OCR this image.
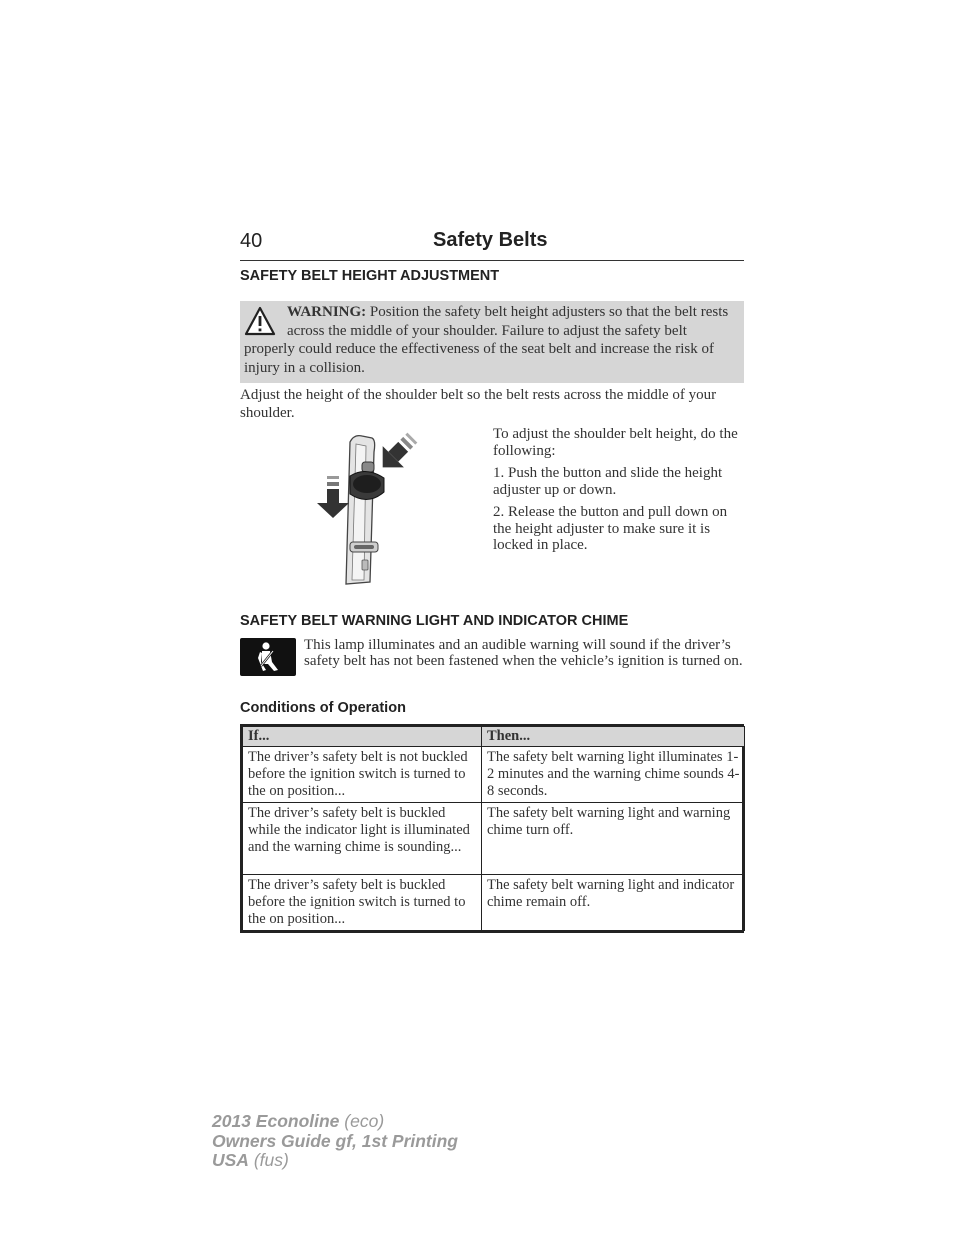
40	Safety Belts
SAFETY BELT HEIGHT ADJUSTMENT
WARNING: Position the safety belt height adjusters so that the belt rests across the middle of your shoulder. Failure to adjust the safety belt properly could reduce the effectiveness of the seat belt and increase the risk of injury in a collision.
Adjust the height of the shoulder belt so the belt rests across the middle of your shoulder.
To adjust the shoulder belt height, do the following:
1. Push the button and slide the height adjuster up or down.
2. Release the button and pull down on the height adjuster to make sure it is locked in place.
SAFETY BELT WARNING LIGHT AND INDICATOR CHIME
This lamp illuminates and an audible warning will sound if the driver’s safety belt has not been fastened when the vehicle’s ignition is turned on.
Conditions of Operation
If...	Then...
The driver’s safety belt is not buckled before the ignition switch is turned to the on position...	The safety belt warning light illuminates 1-2 minutes and the warning chime sounds 4-8 seconds.
The driver’s safety belt is buckled while the indicator light is illuminated and the warning chime is sounding...	The safety belt warning light and warning chime turn off.
The driver’s safety belt is buckled before the ignition switch is turned to the on position...	The safety belt warning light and indicator chime remain off.
2013 Econoline (eco)
Owners Guide gf, 1st Printing
USA (fus)
